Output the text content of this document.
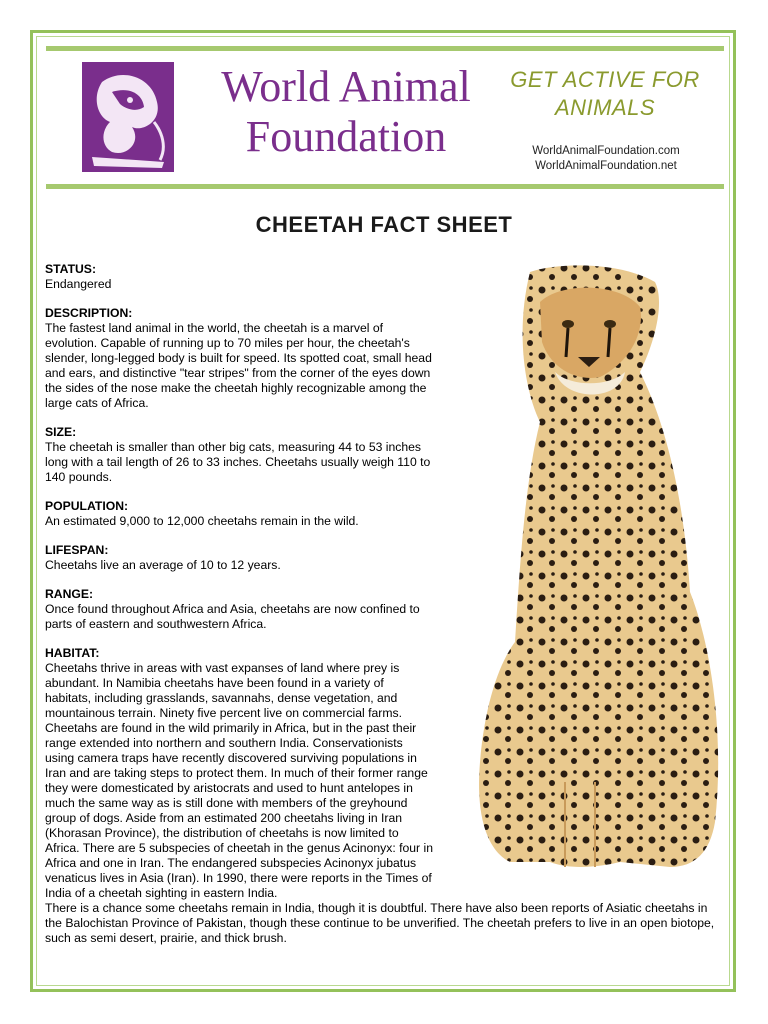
World Animal
Foundation
GET ACTIVE FOR
ANIMALS
WorldAnimalFoundation.com
WorldAnimalFoundation.net
CHEETAH FACT SHEET
STATUS:

Endangered

DESCRIPTION:

The fastest land animal in the world, the cheetah is a marvel of evolution. Capable of running up to 70 miles per hour, the cheetah's slender, long-legged body is built for speed. Its spotted coat, small head and ears, and distinctive "tear stripes" from the corner of the eyes down the sides of the nose make the cheetah highly recognizable among the large cats of Africa.

SIZE:

The cheetah is smaller than other big cats, measuring 44 to 53 inches long with a tail length of 26 to 33 inches. Cheetahs usually weigh 110 to 140 pounds.

POPULATION:

An estimated 9,000 to 12,000 cheetahs remain in the wild.

LIFESPAN:

Cheetahs live an average of 10 to 12 years.

RANGE:

Once found throughout Africa and Asia, cheetahs are now confined to parts of eastern and southwestern Africa.

HABITAT:

Cheetahs thrive in areas with vast expanses of land where prey is abundant. In Namibia cheetahs have been found in a variety of habitats, including grasslands, savannahs, dense vegetation, and mountainous terrain. Ninety five percent live on commercial farms. Cheetahs are found in the wild primarily in Africa, but in the past their range extended into northern and southern India. Conservationists using camera traps have recently discovered surviving populations in Iran and are taking steps to protect them. In much of their former range they were domesticated by aristocrats and used to hunt antelopes in much the same way as is still done with members of the greyhound group of dogs. Aside from an estimated 200 cheetahs living in Iran (Khorasan Province), the distribution of cheetahs is now limited to Africa. There are 5 subspecies of cheetah in the genus Acinonyx: four in Africa and one in Iran. The endangered subspecies Acinonyx jubatus venaticus lives in Asia (Iran). In 1990, there were reports in the Times of India of a cheetah sighting in eastern India.

There is a chance some cheetahs remain in India, though it is doubtful. There have also been reports of Asiatic cheetahs in the Balochistan Province of Pakistan, though these continue to be unverified. The cheetah prefers to live in an open biotope, such as semi desert, prairie, and thick brush.
